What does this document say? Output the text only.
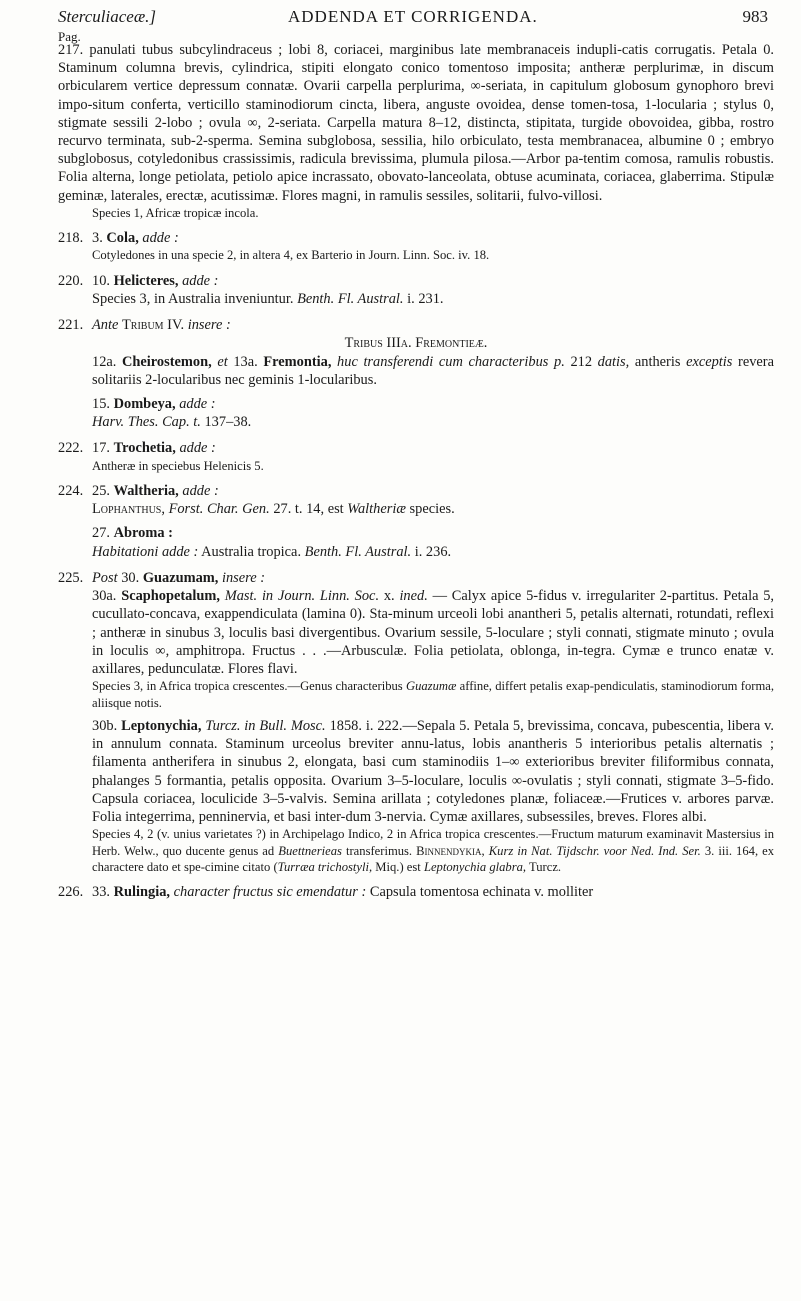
Sterculiaceæ.]	ADDENDA ET CORRIGENDA.	983
Pag.

217. panulati tubus subcylindraceus ; lobi 8, coriacei, marginibus late membranaceis indupli-catis corrugatis. Petala 0. Staminum columna brevis, cylindrica, stipiti elongato conico tomentoso imposita; antheræ perplurimæ, in discum orbicularem vertice depressum connatæ. Ovarii carpella perplurima, ∞-seriata, in capitulum globosum gynophoro brevi impo-situm conferta, verticillo staminodiorum cincta, libera, anguste ovoidea, dense tomen-tosa, 1-locularia ; stylus 0, stigmate sessili 2-lobo ; ovula ∞, 2-seriata. Carpella matura 8–12, distincta, stipitata, turgide obovoidea, gibba, rostro recurvo terminata, sub-2-sperma. Semina subglobosa, sessilia, hilo orbiculato, testa membranacea, albumine 0 ; embryo subglobosus, cotyledonibus crassissimis, radicula brevissima, plumula pilosa.—Arbor pa-tentim comosa, ramulis robustis. Folia alterna, longe petiolata, petiolo apice incrassato, obovato-lanceolata, obtuse acuminata, coriacea, glaberrima. Stipulæ geminæ, laterales, erectæ, acutissimæ. Flores magni, in ramulis sessiles, solitarii, fulvo-villosi.

Species 1, Africæ tropicæ incola.

218. 3. Cola, adde :

Cotyledones in una specie 2, in altera 4, ex Barterio in Journ. Linn. Soc. iv. 18.

220. 10. Helicteres, adde :

Species 3, in Australia inveniuntur. Benth. Fl. Austral. i. 231.

221. Ante Tribum IV. insere :

Tribus IIIa. Fremontieæ.

12a. Cheirostemon, et 13a. Fremontia, huc transferendi cum characteribus p. 212 datis, antheris exceptis revera solitariis 2-locularibus nec geminis 1-locularibus.

15. Dombeya, adde :

Harv. Thes. Cap. t. 137–38.

222. 17. Trochetia, adde :

Antheræ in speciebus Helenicis 5.

224. 25. Waltheria, adde :

Lophanthus, Forst. Char. Gen. 27. t. 14, est Waltheriæ species.

27. Abroma :

Habitationi adde : Australia tropica. Benth. Fl. Austral. i. 236.

225. Post 30. Guazumam, insere :

30a. Scaphopetalum, Mast. in Journ. Linn. Soc. x. ined. — Calyx apice 5-fidus v. irregulariter 2-partitus. Petala 5, cucullato-concava, exappendiculata (lamina 0). Sta-minum urceoli lobi anantheri 5, petalis alternati, rotundati, reflexi ; antheræ in sinubus 3, loculis basi divergentibus. Ovarium sessile, 5-loculare ; styli connati, stigmate minuto ; ovula in loculis ∞, amphitropa. Fructus . . .—Arbusculæ. Folia petiolata, oblonga, in-tegra. Cymæ e trunco enatæ v. axillares, pedunculatæ. Flores flavi.

Species 3, in Africa tropica crescentes.—Genus characteribus Guazumæ affine, differt petalis exap-pendiculatis, staminodiorum forma, aliisque notis.

30b. Leptonychia, Turcz. in Bull. Mosc. 1858. i. 222.—Sepala 5. Petala 5, brevissima, concava, pubescentia, libera v. in annulum connata. Staminum urceolus breviter annu-latus, lobis anantheris 5 interioribus petalis alternatis ; filamenta antherifera in sinubus 2, elongata, basi cum staminodiis 1–∞ exterioribus breviter filiformibus connata, phalanges 5 formantia, petalis opposita. Ovarium 3–5-loculare, loculis ∞-ovulatis ; styli connati, stigmate 3–5-fido. Capsula coriacea, loculicide 3–5-valvis. Semina arillata ; cotyledones planæ, foliaceæ.—Frutices v. arbores parvæ. Folia integerrima, penninervia, et basi inter-dum 3-nervia. Cymæ axillares, subsessiles, breves. Flores albi.

Species 4, 2 (v. unius varietates ?) in Archipelago Indico, 2 in Africa tropica crescentes.—Fructum maturum examinavit Mastersius in Herb. Welw., quo ducente genus ad Buettnerieas transferimus. Binnendykia, Kurz in Nat. Tijdschr. voor Ned. Ind. Ser. 3. iii. 164, ex charactere dato et spe-cimine citato (Turræa trichostyli, Miq.) est Leptonychia glabra, Turcz.

226. 33. Rulingia, character fructus sic emendatur : Capsula tomentosa echinata v. molliter
